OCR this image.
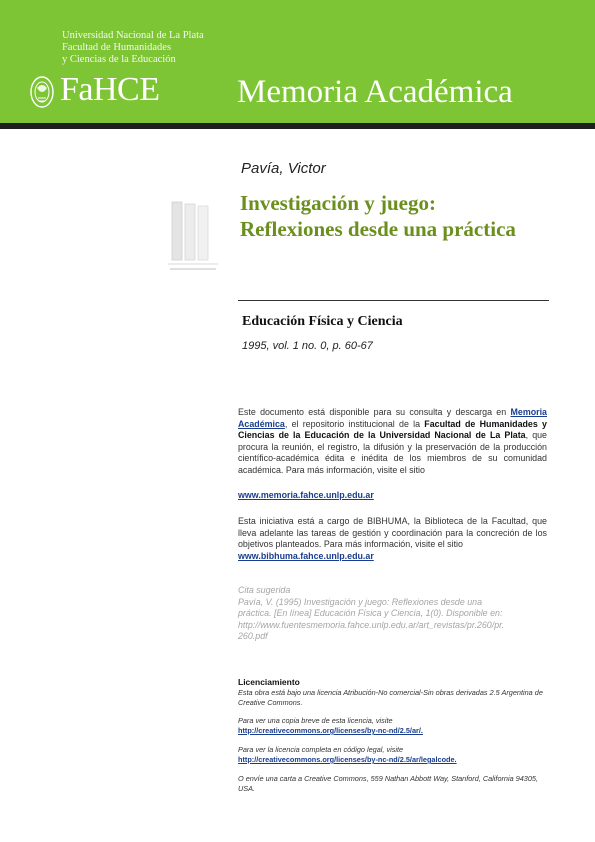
Universidad Nacional de La Plata
Facultad de Humanidades
y Ciencias de la Educación
FaHCE Memoria Académica
Pavía, Victor
Investigación y juego: Reflexiones desde una práctica
Educación Física y Ciencia
1995, vol. 1 no. 0, p. 60-67
Este documento está disponible para su consulta y descarga en Memoria Académica, el repositorio institucional de la Facultad de Humanidades y Ciencias de la Educación de la Universidad Nacional de La Plata, que procura la reunión, el registro, la difusión y la preservación de la producción científico-académica édita e inédita de los miembros de su comunidad académica. Para más información, visite el sitio
www.memoria.fahce.unlp.edu.ar
Esta iniciativa está a cargo de BIBHUMA, la Biblioteca de la Facultad, que lleva adelante las tareas de gestión y coordinación para la concreción de los objetivos planteados. Para más información, visite el sitio
www.bibhuma.fahce.unlp.edu.ar
Cita sugerida
Pavía, V. (1995) Investigación y juego: Reflexiones desde una
práctica. [En línea] Educación Física y Ciencia, 1(0). Disponible en:
http://www.fuentesmemoria.fahce.unlp.edu.ar/art_revistas/pr.260/pr.
260.pdf
Licenciamiento
Esta obra está bajo una licencia Atribución-No comercial-Sin obras derivadas 2.5 Argentina de Creative Commons.
Para ver una copia breve de esta licencia, visite
http://creativecommons.org/licenses/by-nc-nd/2.5/ar/.
Para ver la licencia completa en código legal, visite
http://creativecommons.org/licenses/by-nc-nd/2.5/ar/legalcode.
O envíe una carta a Creative Commons, 559 Nathan Abbott Way, Stanford, California 94305, USA.
